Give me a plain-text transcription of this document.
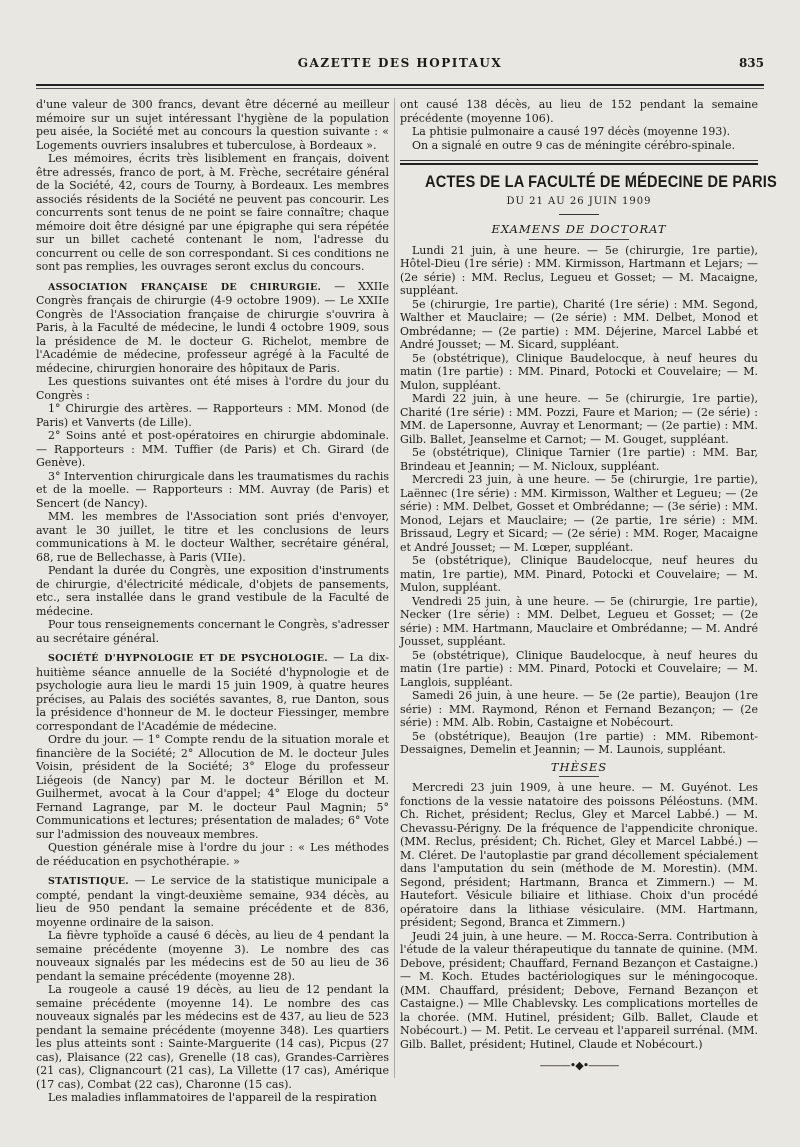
GAZETTE DES HOPITAUX	835

d'une valeur de 300 francs, devant être décerné au meilleur mémoire sur un sujet intéressant l'hygiène de la population peu aisée, la Société met au concours la question suivante : « Logements ouvriers insalubres et tuberculose, à Bordeaux ».

Les mémoires, écrits très lisiblement en français, doivent être adressés, franco de port, à M. Frèche, secrétaire général de la Société, 42, cours de Tourny, à Bordeaux. Les membres associés résidents de la Société ne peuvent pas concourir. Les concurrents sont tenus de ne point se faire connaître; chaque mémoire doit être désigné par une épigraphe qui sera répétée sur un billet cacheté contenant le nom, l'adresse du concurrent ou celle de son correspondant. Si ces conditions ne sont pas remplies, les ouvrages seront exclus du concours.

ASSOCIATION FRANÇAISE DE CHIRURGIE. — XXIIe Congrès français de chirurgie (4-9 octobre 1909). — Le XXIIe Congrès de l'Association française de chirurgie s'ouvrira à Paris, à la Faculté de médecine, le lundi 4 octobre 1909, sous la présidence de M. le docteur G. Richelot, membre de l'Académie de médecine, professeur agrégé à la Faculté de médecine, chirurgien honoraire des hôpitaux de Paris.

Les questions suivantes ont été mises à l'ordre du jour du Congrès :

1° Chirurgie des artères. — Rapporteurs : MM. Monod (de Paris) et Vanverts (de Lille).

2° Soins anté et post-opératoires en chirurgie abdominale. — Rapporteurs : MM. Tuffier (de Paris) et Ch. Girard (de Genève).

3° Intervention chirurgicale dans les traumatismes du rachis et de la moelle. — Rapporteurs : MM. Auvray (de Paris) et Sencert (de Nancy).

MM. les membres de l'Association sont priés d'envoyer, avant le 30 juillet, le titre et les conclusions de leurs communications à M. le docteur Walther, secrétaire général, 68, rue de Bellechasse, à Paris (VIIe).

Pendant la durée du Congrès, une exposition d'instruments de chirurgie, d'électricité médicale, d'objets de pansements, etc., sera installée dans le grand vestibule de la Faculté de médecine.

Pour tous renseignements concernant le Congrès, s'adresser au secrétaire général.

SOCIÉTÉ D'HYPNOLOGIE ET DE PSYCHOLOGIE. — La dix-huitième séance annuelle de la Société d'hypnologie et de psychologie aura lieu le mardi 15 juin 1909, à quatre heures précises, au Palais des sociétés savantes, 8, rue Danton, sous la présidence d'honneur de M. le docteur Fiessinger, membre correspondant de l'Académie de médecine.

Ordre du jour. — 1° Compte rendu de la situation morale et financière de la Société; 2° Allocution de M. le docteur Jules Voisin, président de la Société; 3° Eloge du professeur Liégeois (de Nancy) par M. le docteur Bérillon et M. Guilhermet, avocat à la Cour d'appel; 4° Eloge du docteur Fernand Lagrange, par M. le docteur Paul Magnin; 5° Communications et lectures; présentation de malades; 6° Vote sur l'admission des nouveaux membres.

Question générale mise à l'ordre du jour : « Les méthodes de rééducation en psychothérapie. »

STATISTIQUE. — Le service de la statistique municipale a compté, pendant la vingt-deuxième semaine, 934 décès, au lieu de 950 pendant la semaine précédente et de 836, moyenne ordinaire de la saison.

La fièvre typhoïde a causé 6 décès, au lieu de 4 pendant la semaine précédente (moyenne 3). Le nombre des cas nouveaux signalés par les médecins est de 50 au lieu de 36 pendant la semaine précédente (moyenne 28).

La rougeole a causé 19 décès, au lieu de 12 pendant la semaine précédente (moyenne 14). Le nombre des cas nouveaux signalés par les médecins est de 437, au lieu de 523 pendant la semaine précédente (moyenne 348). Les quartiers les plus atteints sont : Sainte-Marguerite (14 cas), Picpus (27 cas), Plaisance (22 cas), Grenelle (18 cas), Grandes-Carrières (21 cas), Clignancourt (21 cas), La Villette (17 cas), Amérique (17 cas), Combat (22 cas), Charonne (15 cas).

Les maladies inflammatoires de l'appareil de la respiration

ont causé 138 décès, au lieu de 152 pendant la semaine précédente (moyenne 106).

La phtisie pulmonaire a causé 197 décès (moyenne 193).

On a signalé en outre 9 cas de méningite cérébro-spinale.

ACTES DE LA FACULTÉ DE MÉDECINE DE PARIS
DU 21 AU 26 JUIN 1909
EXAMENS DE DOCTORAT

Lundi 21 juin, à une heure. — 5e (chirurgie, 1re partie), Hôtel-Dieu (1re série) : MM. Kirmisson, Hartmann et Lejars; — (2e série) : MM. Reclus, Legueu et Gosset; — M. Macaigne, suppléant.

5e (chirurgie, 1re partie), Charité (1re série) : MM. Segond, Walther et Mauclaire; — (2e série) : MM. Delbet, Monod et Ombrédanne; — (2e partie) : MM. Déjerine, Marcel Labbé et André Jousset; — M. Sicard, suppléant.

5e (obstétrique), Clinique Baudelocque, à neuf heures du matin (1re partie) : MM. Pinard, Potocki et Couvelaire; — M. Mulon, suppléant.

Mardi 22 juin, à une heure. — 5e (chirurgie, 1re partie), Charité (1re série) : MM. Pozzi, Faure et Marion; — (2e série) : MM. de Lapersonne, Auvray et Lenormant; — (2e partie) : MM. Gilb. Ballet, Jeanselme et Carnot; — M. Gouget, suppléant.

5e (obstétrique), Clinique Tarnier (1re partie) : MM. Bar, Brindeau et Jeannin; — M. Nicloux, suppléant.

Mercredi 23 juin, à une heure. — 5e (chirurgie, 1re partie), Laënnec (1re série) : MM. Kirmisson, Walther et Legueu; — (2e série) : MM. Delbet, Gosset et Ombrédanne; — (3e série) : MM. Monod, Lejars et Mauclaire; — (2e partie, 1re série) : MM. Brissaud, Legry et Sicard; — (2e série) : MM. Roger, Macaigne et André Jousset; — M. Lœper, suppléant.

5e (obstétrique), Clinique Baudelocque, neuf heures du matin, 1re partie), MM. Pinard, Potocki et Couvelaire; — M. Mulon, suppléant.

Vendredi 25 juin, à une heure. — 5e (chirurgie, 1re partie), Necker (1re série) : MM. Delbet, Legueu et Gosset; — (2e série) : MM. Hartmann, Mauclaire et Ombrédanne; — M. André Jousset, suppléant.

5e (obstétrique), Clinique Baudelocque, à neuf heures du matin (1re partie) : MM. Pinard, Potocki et Couvelaire; — M. Langlois, suppléant.

Samedi 26 juin, à une heure. — 5e (2e partie), Beaujon (1re série) : MM. Raymond, Rénon et Fernand Bezançon; — (2e série) : MM. Alb. Robin, Castaigne et Nobécourt.

5e (obstétrique), Beaujon (1re partie) : MM. Ribemont-Dessaignes, Demelin et Jeannin; — M. Launois, suppléant.

THÈSES

Mercredi 23 juin 1909, à une heure. — M. Guyénot. Les fonctions de la vessie natatoire des poissons Péléostuns. (MM. Ch. Richet, président; Reclus, Gley et Marcel Labbé.) — M. Chevassu-Périgny. De la fréquence de l'appendicite chronique. (MM. Reclus, président; Ch. Richet, Gley et Marcel Labbé.) — M. Cléret. De l'autoplastie par grand décollement spécialement dans l'amputation du sein (méthode de M. Morestin). (MM. Segond, président; Hartmann, Branca et Zimmern.) — M. Hautefort. Vésicule biliaire et lithiase. Choix d'un procédé opératoire dans la lithiase vésiculaire. (MM. Hartmann, président; Segond, Branca et Zimmern.)

Jeudi 24 juin, à une heure. — M. Rocca-Serra. Contribution à l'étude de la valeur thérapeutique du tannate de quinine. (MM. Debove, président; Chauffard, Fernand Bezançon et Castaigne.) — M. Koch. Etudes bactériologiques sur le méningocoque. (MM. Chauffard, président; Debove, Fernand Bezançon et Castaigne.) — Mlle Chablevsky. Les complications mortelles de la chorée. (MM. Hutinel, président; Gilb. Ballet, Claude et Nobécourt.) — M. Petit. Le cerveau et l'appareil surrénal. (MM. Gilb. Ballet, président; Hutinel, Claude et Nobécourt.)

———•◆•———
